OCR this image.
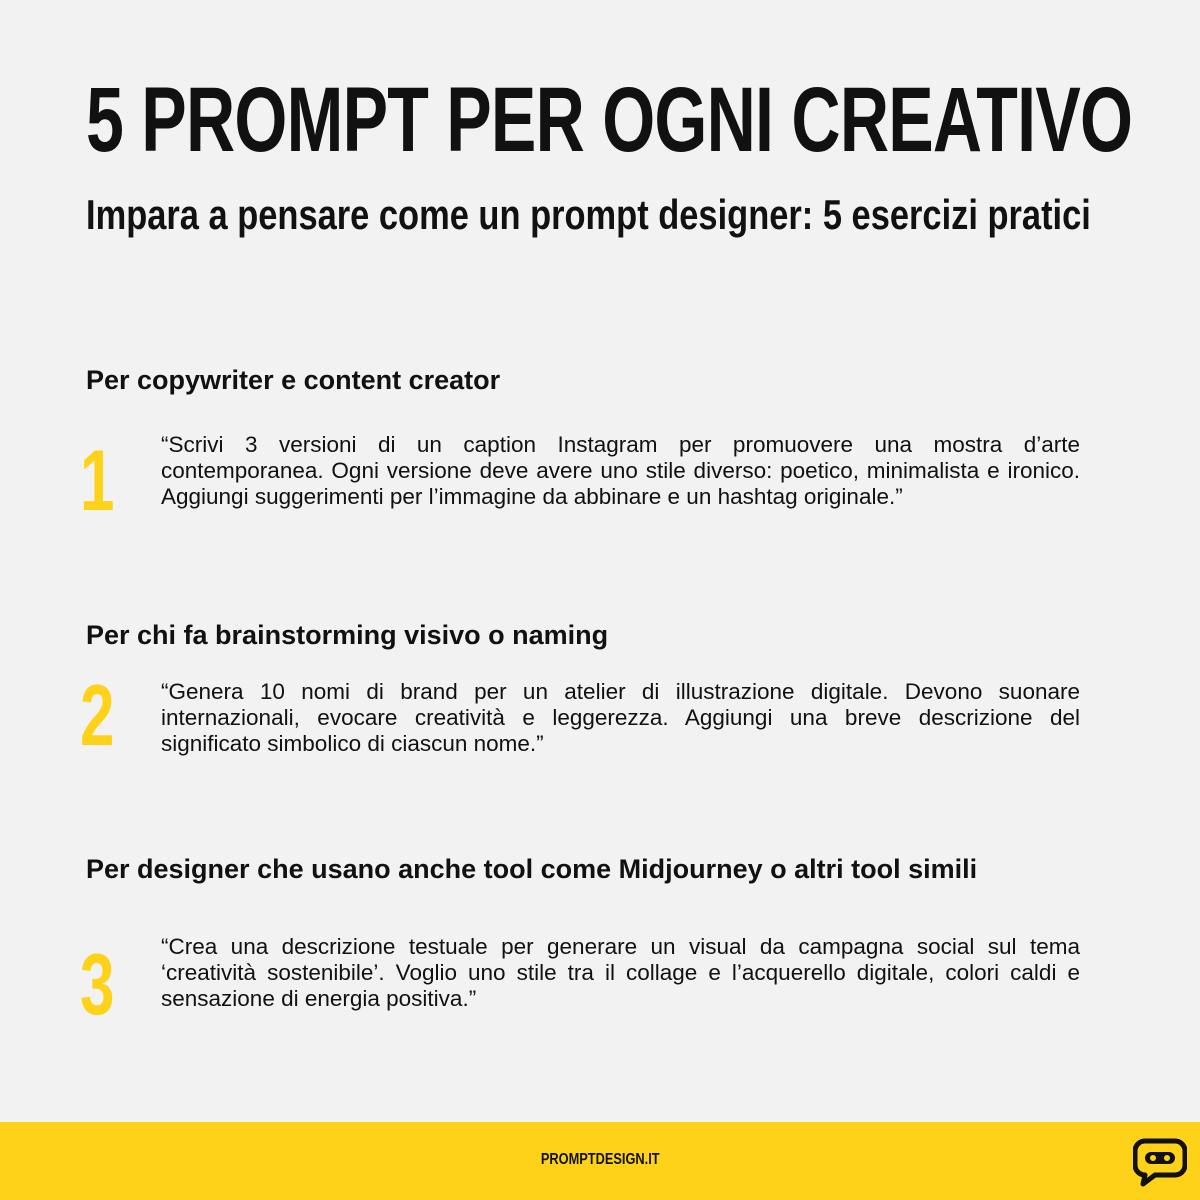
5 PROMPT PER OGNI CREATIVO
Impara a pensare come un prompt designer: 5 esercizi pratici
Per copywriter e content creator
1	“Scrivi 3 versioni di un caption Instagram per promuovere una mostra d’arte contemporanea. Ogni versione deve avere uno stile diverso: poetico, minimalista e ironico. Aggiungi suggerimenti per l’immagine da abbinare e un hashtag originale.”

Per chi fa brainstorming visivo o naming
2	“Genera 10 nomi di brand per un atelier di illustrazione digitale. Devono suonare internazionali, evocare creatività e leggerezza. Aggiungi una breve descrizione del significato simbolico di ciascun nome.”

Per designer che usano anche tool come Midjourney o altri tool simili
3	“Crea una descrizione testuale per generare un visual da campagna social sul tema ‘creatività sostenibile’. Voglio uno stile tra il collage e l’acquerello digitale, colori caldi e sensazione di energia positiva.”

PROMPTDESIGN.IT
